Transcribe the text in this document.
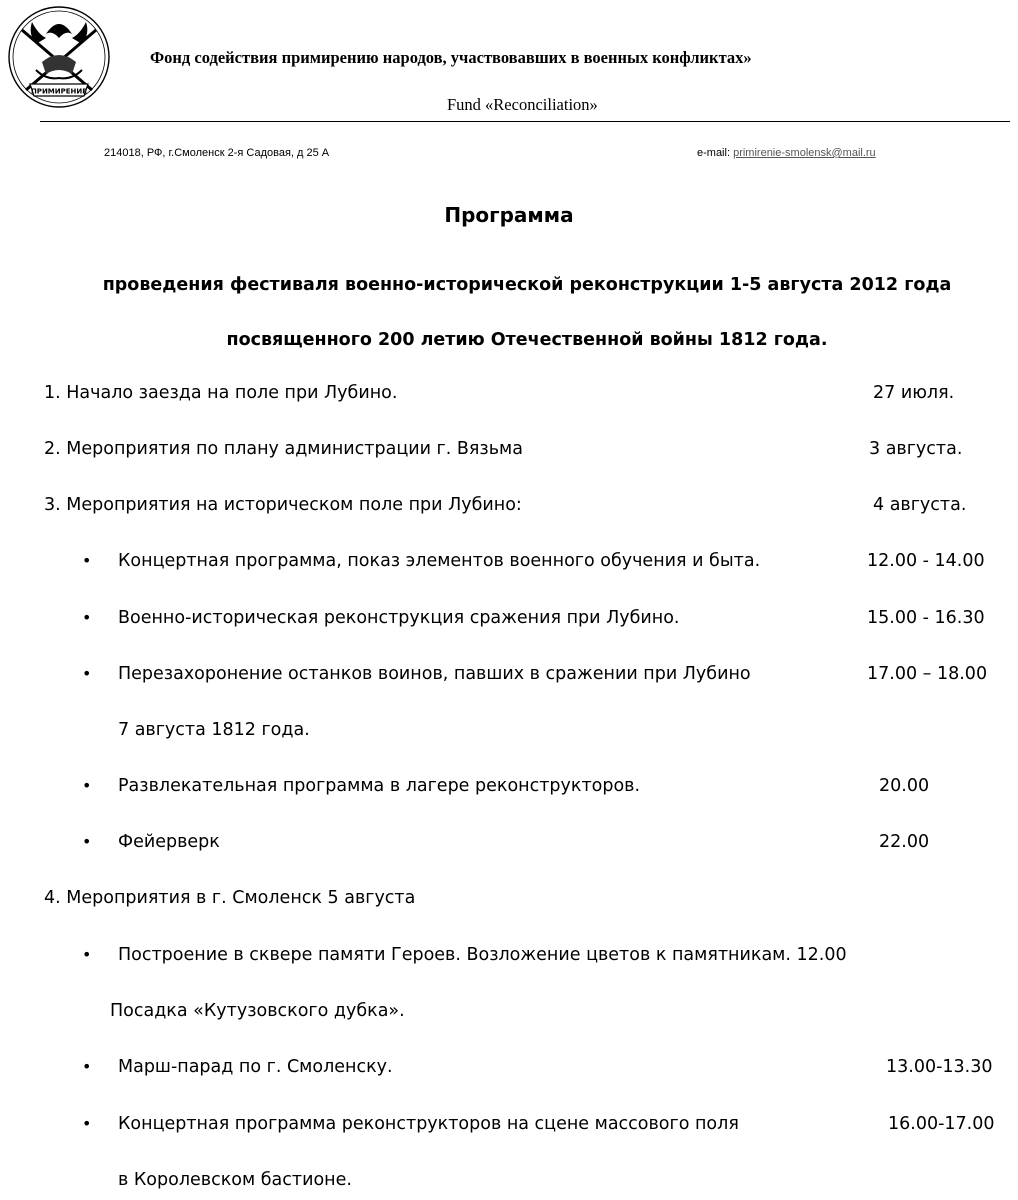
ПРИМИРЕНИЕ
Фонд содействия примирению народов, участвовавших в военных конфликтах»
Fund «Reconciliation»
214018, РФ, г.Смоленск 2-я Садовая, д 25 А	e-mail: primirenie-smolensk@mail.ru
Программа
проведения фестиваля военно-исторической реконструкции 1-5 августа 2012 года
посвященного 200 летию Отечественной войны 1812 года.
1. Начало заезда на поле при Лубино.	27 июля.
2. Мероприятия по плану администрации г. Вязьма	3 августа.
3. Мероприятия на историческом поле при Лубино:	4 августа.
• Концертная программа, показ элементов военного обучения и быта.	12.00 - 14.00
• Военно-историческая реконструкция сражения при Лубино.	15.00 - 16.30
• Перезахоронение останков воинов, павших в сражении при Лубино	17.00 – 18.00
7 августа 1812 года.
• Развлекательная программа в лагере реконструкторов.	20.00
• Фейерверк	22.00
4. Мероприятия в г. Смоленск 5 августа
• Построение в сквере памяти Героев. Возложение цветов к памятникам. 12.00
Посадка «Кутузовского дубка».
• Марш-парад по г. Смоленску.	13.00-13.30
• Концертная программа реконструкторов на сцене массового поля	16.00-17.00
в Королевском бастионе.
